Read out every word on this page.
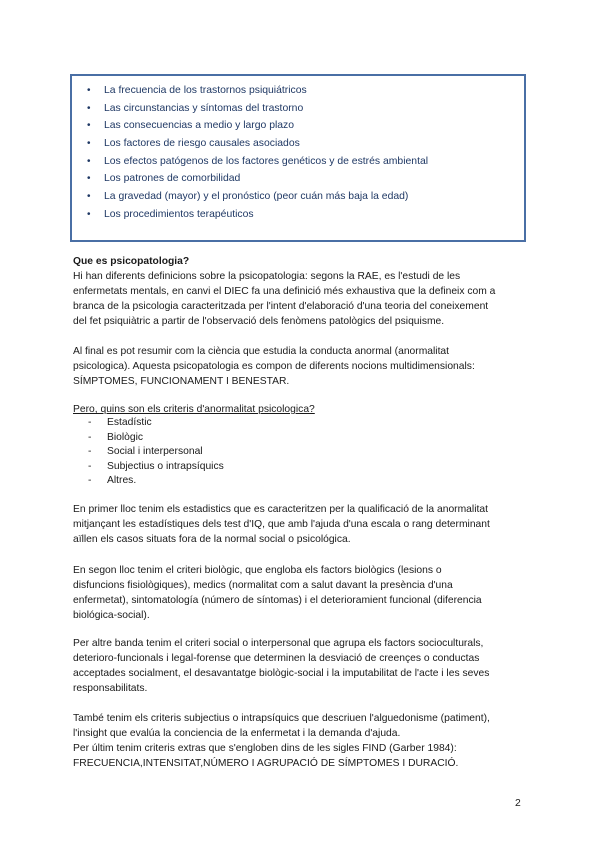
• La frecuencia de los trastornos psiquiátricos
• Las circunstancias y síntomas del trastorno
• Las consecuencias a medio y largo plazo
• Los factores de riesgo causales asociados
• Los efectos patógenos de los factores genéticos y de estrés ambiental
• Los patrones de comorbilidad
• La gravedad (mayor) y el pronóstico (peor cuán más baja la edad)
• Los procedimientos terapéuticos
Que es psicopatologia?
Hi han diferents definicions sobre la psicopatologia: segons la RAE, es l'estudi de les
enfermetats mentals, en canvi el DIEC fa una definició més exhaustiva que la defineix com a
branca de la psicologia caracteritzada per l'intent d'elaboració d'una teoria del coneixement
del fet psiquiàtric a partir de l'observació dels fenòmens patològics del psiquisme.
Al final es pot resumir com la ciència que estudia la conducta anormal (anormalitat
psicologica). Aquesta psicopatologia es compon de diferents nocions multidimensionals:
SÍMPTOMES, FUNCIONAMENT I BENESTAR.
Pero, quins son els criteris d'anormalitat psicologica?
- Estadístic
- Biològic
- Social i interpersonal
- Subjectius o intrapsíquics
- Altres.
En primer lloc tenim els estadistics que es caracteritzen per la qualificació de la anormalitat
mitjançant les estadístiques dels test d'IQ, que amb l'ajuda d'una escala o rang determinant
aïllen els casos situats fora de la normal social o psicológica.
En segon lloc tenim el criteri biològic, que engloba els factors biològics (lesions o
disfuncions fisiològiques), medics (normalitat com a salut davant la presència d'una
enfermetat), sintomatología (número de síntomas) i el deterioramient funcional (diferencia
biológica-social).
Per altre banda tenim el criteri social o interpersonal que agrupa els factors socioculturals,
deterioro-funcionals i legal-forense que determinen la desviació de creençes o conductas
acceptades socialment, el desavantatge biològic-social i la imputabilitat de l'acte i les seves
responsabilitats.
També tenim els criteris subjectius o intrapsíquics que descriuen l'alguedonisme (patiment),
l'insight que evalúa la conciencia de la enfermetat i la demanda d'ajuda.
Per últim tenim criteris extras que s'engloben dins de les sigles FIND (Garber 1984):
FRECUENCIA,INTENSITAT,NÚMERO I AGRUPACIÓ DE SÍMPTOMES I DURACIÓ.
2
